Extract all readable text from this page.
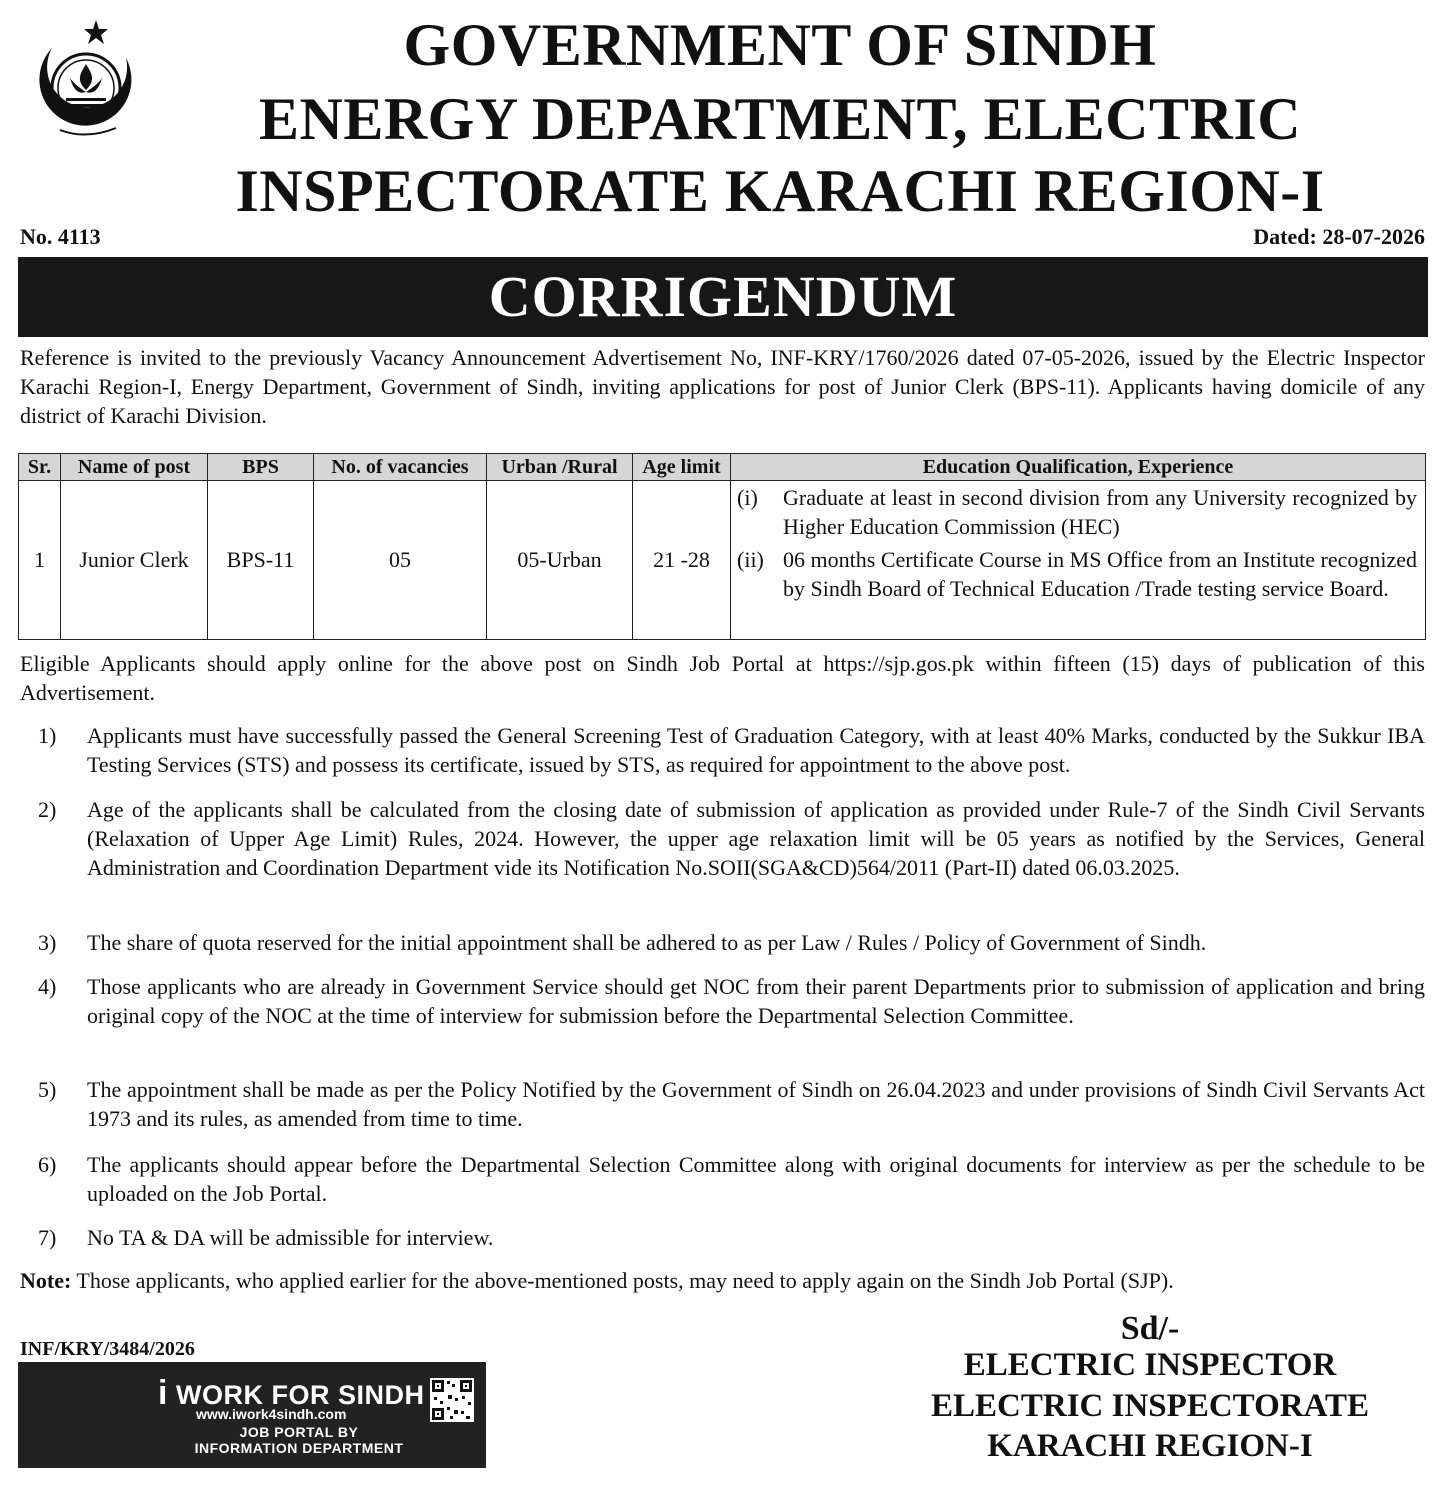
GOVERNMENT OF SINDH
ENERGY DEPARTMENT, ELECTRIC
INSPECTORATE KARACHI REGION-I
No. 4113	Dated: 28-07-2026
CORRIGENDUM
Reference is invited to the previously Vacancy Announcement Advertisement No, INF-KRY/1760/2026 dated 07-05-2026, issued by the Electric Inspector Karachi Region-I, Energy Department, Government of Sindh, inviting applications for post of Junior Clerk (BPS-11). Applicants having domicile of any district of Karachi Division.
Sr.	Name of post	BPS	No. of vacancies	Urban /Rural	Age limit	Education Qualification, Experience
1	Junior Clerk	BPS-11	05	05-Urban	21 -28	(i) Graduate at least in second division from any University recognized by Higher Education Commission (HEC)
(ii) 06 months Certificate Course in MS Office from an Institute recognized by Sindh Board of Technical Education /Trade testing service Board.
Eligible Applicants should apply online for the above post on Sindh Job Portal at https://sjp.gos.pk within fifteen (15) days of publication of this Advertisement.
1)	Applicants must have successfully passed the General Screening Test of Graduation Category, with at least 40% Marks, conducted by the Sukkur IBA Testing Services (STS) and possess its certificate, issued by STS, as required for appointment to the above post.
2)	Age of the applicants shall be calculated from the closing date of submission of application as provided under Rule-7 of the Sindh Civil Servants (Relaxation of Upper Age Limit) Rules, 2024. However, the upper age relaxation limit will be 05 years as notified by the Services, General Administration and Coordination Department vide its Notification No.SOII(SGA&CD)564/2011 (Part-II) dated 06.03.2025.
3)	The share of quota reserved for the initial appointment shall be adhered to as per Law / Rules / Policy of Government of Sindh.
4)	Those applicants who are already in Government Service should get NOC from their parent Departments prior to submission of application and bring original copy of the NOC at the time of interview for submission before the Departmental Selection Committee.
5)	The appointment shall be made as per the Policy Notified by the Government of Sindh on 26.04.2023 and under provisions of Sindh Civil Servants Act 1973 and its rules, as amended from time to time.
6)	The applicants should appear before the Departmental Selection Committee along with original documents for interview as per the schedule to be uploaded on the Job Portal.
7)	No TA & DA will be admissible for interview.
Note: Those applicants, who applied earlier for the above-mentioned posts, may need to apply again on the Sindh Job Portal (SJP).
INF/KRY/3484/2026
i WORK FOR SINDH
www.iwork4sindh.com
JOB PORTAL BY
INFORMATION DEPARTMENT
Sd/-
ELECTRIC INSPECTOR
ELECTRIC INSPECTORATE
KARACHI REGION-I
